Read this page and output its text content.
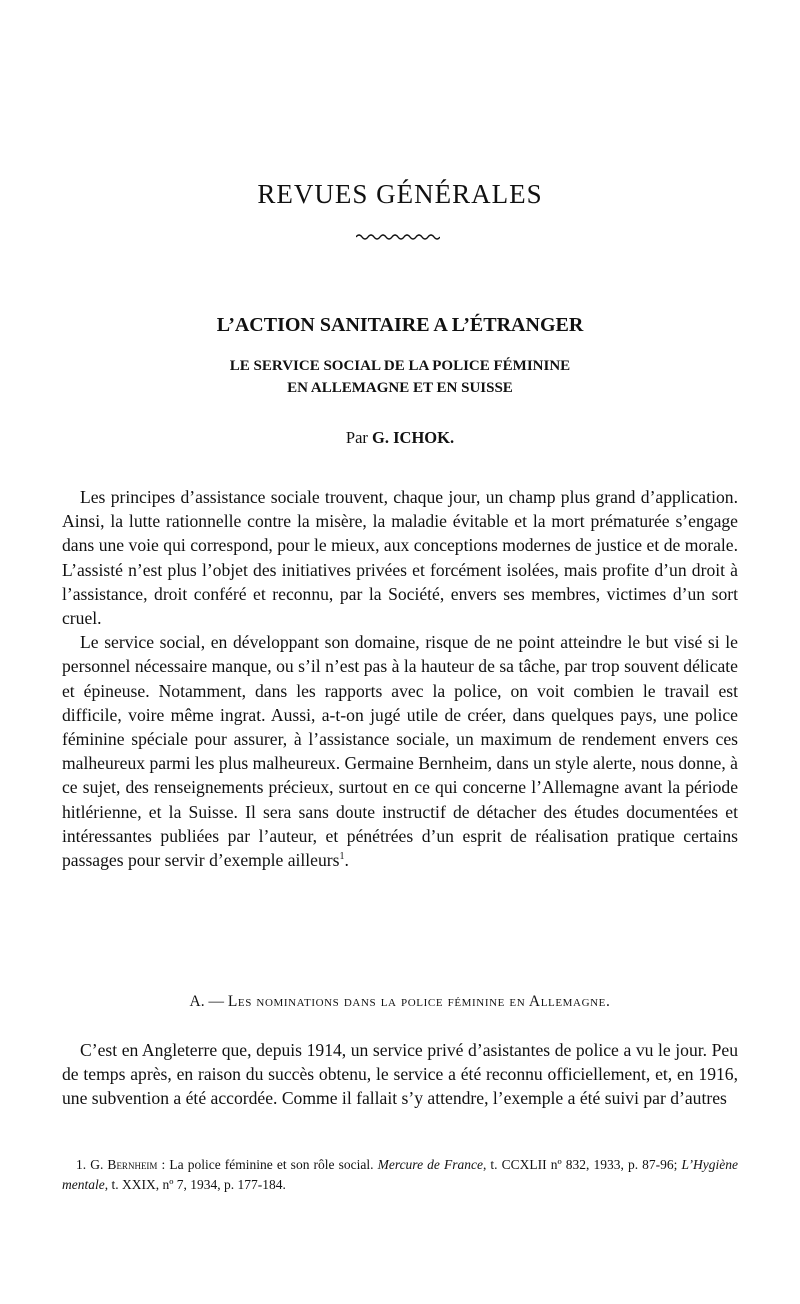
REVUES GÉNÉRALES
L’ACTION SANITAIRE A L’ÉTRANGER
LE SERVICE SOCIAL DE LA POLICE FÉMININE
EN ALLEMAGNE ET EN SUISSE
Par G. ICHOK.

Les principes d’assistance sociale trouvent, chaque jour, un champ plus grand d’application. Ainsi, la lutte rationnelle contre la misère, la maladie évitable et la mort prématurée s’engage dans une voie qui correspond, pour le mieux, aux conceptions modernes de justice et de morale. L’assisté n’est plus l’objet des initiatives privées et forcément isolées, mais profite d’un droit à l’assistance, droit conféré et reconnu, par la Société, envers ses membres, victimes d’un sort cruel.

Le service social, en développant son domaine, risque de ne point atteindre le but visé si le personnel nécessaire manque, ou s’il n’est pas à la hauteur de sa tâche, par trop souvent délicate et épineuse. Notamment, dans les rapports avec la police, on voit combien le travail est difficile, voire même ingrat. Aussi, a-t-on jugé utile de créer, dans quelques pays, une police féminine spéciale pour assurer, à l’assistance sociale, un maximum de rendement envers ces malheureux parmi les plus malheureux. Germaine Bernheim, dans un style alerte, nous donne, à ce sujet, des renseignements précieux, surtout en ce qui concerne l’Allemagne avant la période hitlérienne, et la Suisse. Il sera sans doute instructif de détacher des études documentées et intéressantes publiées par l’auteur, et pénétrées d’un esprit de réalisation pratique certains passages pour servir d’exemple ailleurs$^1$.

A. — Les nominations dans la police féminine en Allemagne.

C’est en Angleterre que, depuis 1914, un service privé d’asistantes de police a vu le jour. Peu de temps après, en raison du succès obtenu, le service a été reconnu officiellement, et, en 1916, une subvention a été accordée. Comme il fallait s’y attendre, l’exemple a été suivi par d’autres

1. G. Bernheim : La police féminine et son rôle social. Mercure de France, t. CCXLII nº 832, 1933, p. 87-96; L’Hygiène mentale, t. XXIX, nº 7, 1934, p. 177-184.
